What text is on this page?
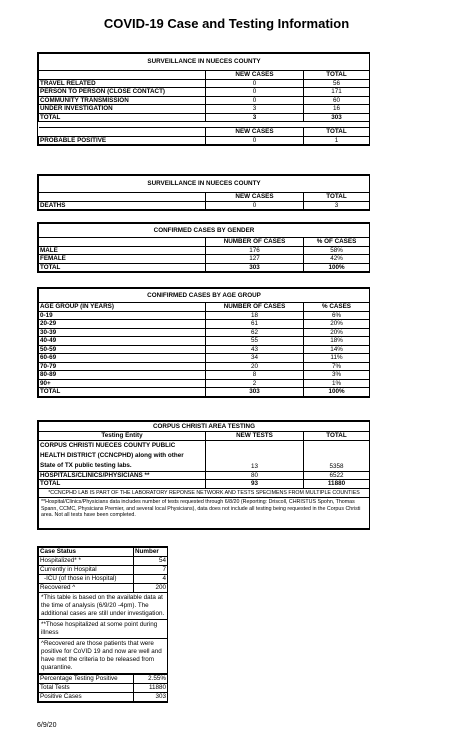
COVID-19 Case and Testing Information
SURVEILLANCE IN NUECES COUNTY		
	NEW CASES	TOTAL
TRAVEL RELATED	0	56
PERSON TO PERSON (CLOSE CONTACT)	0	171
COMMUNITY TRANSMISSION	0	60
UNDER INVESTIGATION	3	16
TOTAL	3	303

	NEW CASES	TOTAL
PROBABLE POSITIVE	0	1
SURVEILLANCE IN NUECES COUNTY		
	NEW CASES	TOTAL
DEATHS	0	3
CONFIRMED CASES BY GENDER		
	NUMBER OF CASES	% OF CASES
MALE	176	58%
FEMALE	127	42%
TOTAL	303	100%
CONIFIRMED CASES BY AGE GROUP		
AGE GROUP (IN YEARS)	NUMBER OF CASES	% CASES
0-19	18	6%
20-29	61	20%
30-39	62	20%
40-49	55	18%
50-59	43	14%
60-69	34	11%
70-79	20	7%
80-89	8	3%
90+	2	1%
TOTAL	303	100%
CORPUS CHRISTI AREA TESTING		
Testing Entity	NEW TESTS	TOTAL

CORPUS CHRISTI NUECES COUNTY PUBLIC
HEALTH DISTRICT (CCNCPHD) along with other
State of TX public testing labs.	13	5358
HOSPITALS/CLINICS/PHYSICIANS **	80	6522
TOTAL	93	11880
*CCNCPHD LAB IS PART OF THE LABORATORY REPONSE NETWORK AND TESTS SPECIMENS FROM MULTIPLE COUNTIES		
**Hospital/Clinics/Physicians data includes number of tests requested through 6/8/20 (Reporting: Driscoll, CHRISTUS Spohn, Thomas Spann, CCMC, Physicians Premier, and several local Physicians), data does not include all testing being requested in the Corpus Christi area. Not all tests have been completed.		
Case Status	Number
Hospitalized* *	54
Currently in Hospital	7
-ICU (of those in Hospital)	4
Recovered ^	200
*This table is based on the available data at the time of analysis (6/9/20 -4pm). The additional cases are still under investigation.	
**Those hospitalized at some point during illness	
^Recovered are those patients that were positive for CoVID 19 and now are well and have met the criteria to be released from quarantine.	
Percentage Testing Positive	2.55%
Total Tests	11880
Positive Cases	303
6/9/20
